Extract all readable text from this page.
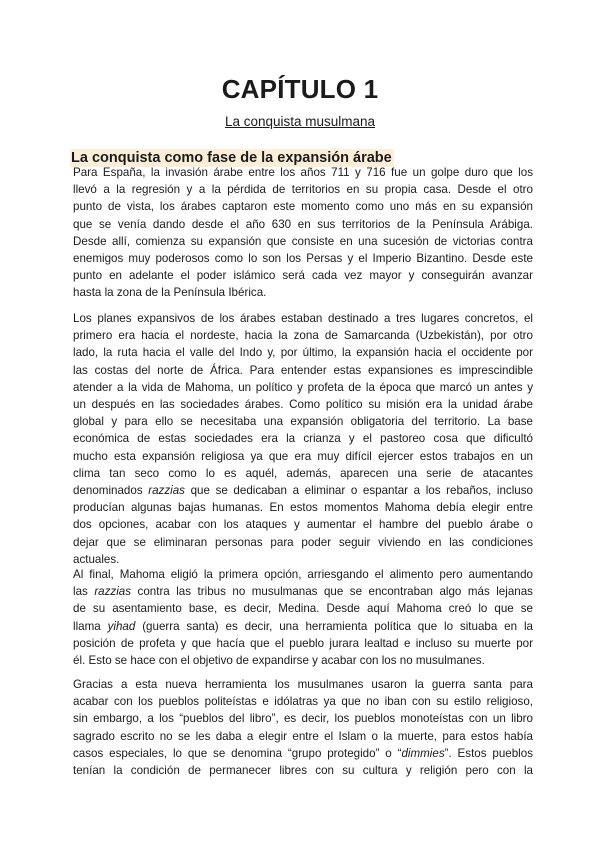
CAPÍTULO 1

La conquista musulmana

La conquista como fase de la expansión árabe
Para España, la invasión árabe entre los años 711 y 716 fue un golpe duro que los
llevó a la regresión y a la pérdida de territorios en su propia casa. Desde el otro
punto de vista, los árabes captaron este momento como uno más en su expansión
que se venía dando desde el año 630 en sus territorios de la Península Arábiga.
Desde allí, comienza su expansión que consiste en una sucesión de victorias contra
enemigos muy poderosos como lo son los Persas y el Imperio Bizantino. Desde este
punto en adelante el poder islámico será cada vez mayor y conseguirán avanzar
hasta la zona de la Península Ibérica.
Los planes expansivos de los árabes estaban destinado a tres lugares concretos, el
primero era hacia el nordeste, hacia la zona de Samarcanda (Uzbekistán), por otro
lado, la ruta hacia el valle del Indo y, por último, la expansión hacia el occidente por
las costas del norte de África. Para entender estas expansiones es imprescindible
atender a la vida de Mahoma, un político y profeta de la época que marcó un antes y
un después en las sociedades árabes. Como político su misión era la unidad árabe
global y para ello se necesitaba una expansión obligatoria del territorio. La base
económica de estas sociedades era la crianza y el pastoreo cosa que dificultó
mucho esta expansión religiosa ya que era muy difícil ejercer estos trabajos en un
clima tan seco como lo es aquél, además, aparecen una serie de atacantes
denominados razzias que se dedicaban a eliminar o espantar a los rebaños, incluso
producían algunas bajas humanas. En estos momentos Mahoma debía elegir entre
dos opciones, acabar con los ataques y aumentar el hambre del pueblo árabe o
dejar que se eliminaran personas para poder seguir viviendo en las condiciones
actuales.
Al final, Mahoma eligió la primera opción, arriesgando el alimento pero aumentando
las razzias contra las tribus no musulmanas que se encontraban algo más lejanas
de su asentamiento base, es decir, Medina. Desde aquí Mahoma creó lo que se
llama yihad (guerra santa) es decir, una herramienta política que lo situaba en la
posición de profeta y que hacía que el pueblo jurara lealtad e incluso su muerte por
él. Esto se hace con el objetivo de expandirse y acabar con los no musulmanes.
Gracias a esta nueva herramienta los musulmanes usaron la guerra santa para
acabar con los pueblos politeístas e idólatras ya que no iban con su estilo religioso,
sin embargo, a los “pueblos del libro”, es decir, los pueblos monoteístas con un libro
sagrado escrito no se les daba a elegir entre el Islam o la muerte, para estos había
casos especiales, lo que se denomina “grupo protegido” o “dimmies”. Estos pueblos
tenían la condición de permanecer libres con su cultura y religión pero con la
